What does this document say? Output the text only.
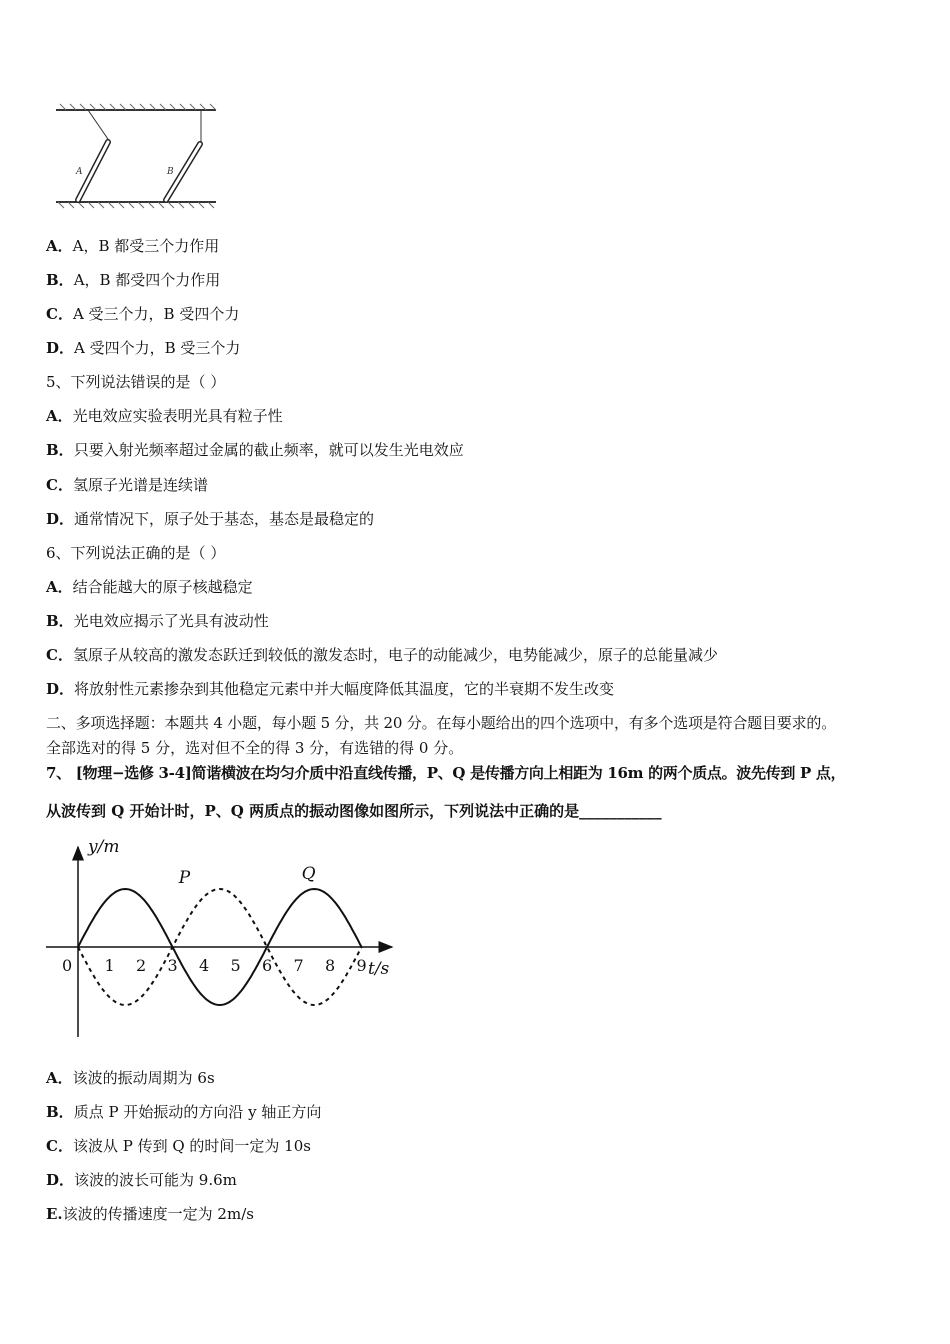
A	B
A．A，B 都受三个力作用
B．A，B 都受四个力作用
C．A 受三个力，B 受四个力
D．A 受四个力，B 受三个力
5、下列说法错误的是（ ）
A．光电效应实验表明光具有粒子性
B．只要入射光频率超过金属的截止频率，就可以发生光电效应
C．氢原子光谱是连续谱
D．通常情况下，原子处于基态，基态是最稳定的
6、下列说法正确的是（ ）
A．结合能越大的原子核越稳定
B．光电效应揭示了光具有波动性
C．氢原子从较高的激发态跃迁到较低的激发态时，电子的动能减少，电势能减少，原子的总能量减少
D．将放射性元素掺杂到其他稳定元素中并大幅度降低其温度，它的半衰期不发生改变
二、多项选择题：本题共 4 小题，每小题 5 分，共 20 分。在每小题给出的四个选项中，有多个选项是符合题目要求的。
全部选对的得 5 分，选对但不全的得 3 分，有选错的得 0 分。
7、 [物理−选修 3-4]简谐横波在均匀介质中沿直线传播，P、Q 是传播方向上相距为 16m 的两个质点。波先传到 P 点，
从波传到 Q 开始计时，P、Q 两质点的振动图像如图所示，下列说法中正确的是___________
y/m
t/s
0 1 2 3 4 5 6 7 8 9
Q
P
A．该波的振动周期为 6s
B．质点 P 开始振动的方向沿 y 轴正方向
C．该波从 P 传到 Q 的时间一定为 10s
D．该波的波长可能为 9.6m
E.该波的传播速度一定为 2m/s
